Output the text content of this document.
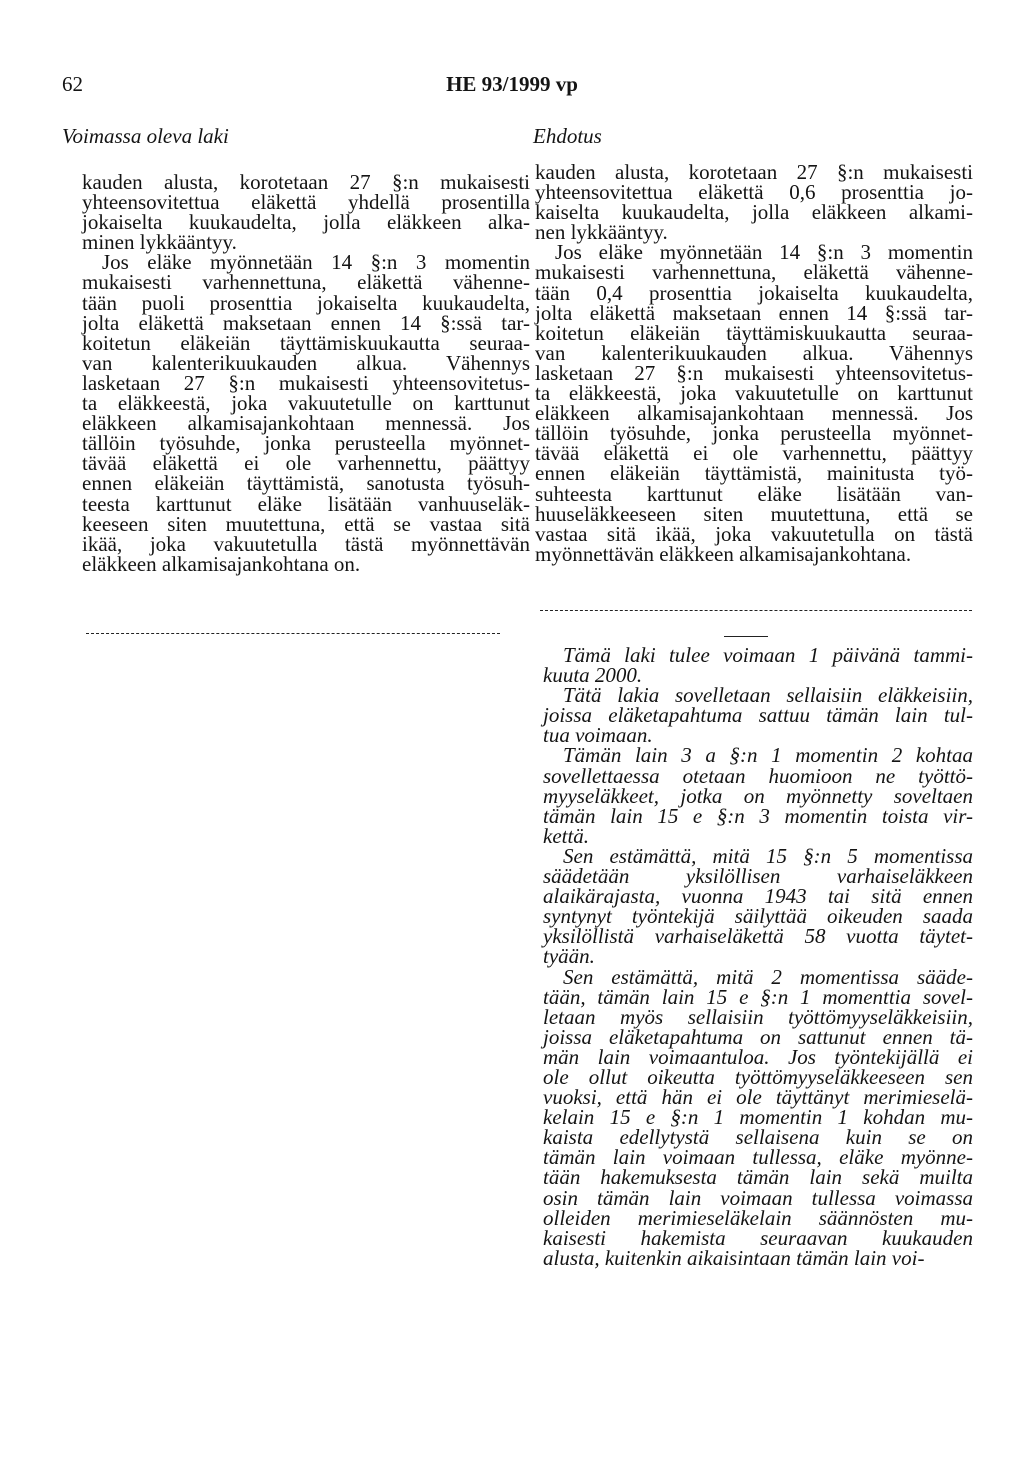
62	HE 93/1999 vp
Voimassa oleva laki	Ehdotus
kauden alusta, korotetaan 27 §:n mukaisesti
yhteensovitettua eläkettä yhdellä prosentilla
jokaiselta kuukaudelta, jolla eläkkeen alka-
minen lykkääntyy.
Jos eläke myönnetään 14 §:n 3 momentin
mukaisesti varhennettuna, eläkettä vähenne-
tään puoli prosenttia jokaiselta kuukaudelta,
jolta eläkettä maksetaan ennen 14 §:ssä tar-
koitetun eläkeiän täyttämiskuukautta seuraa-
van kalenterikuukauden alkua. Vähennys
lasketaan 27 §:n mukaisesti yhteensovitetus-
ta eläkkeestä, joka vakuutetulle on karttunut
eläkkeen alkamisajankohtaan mennessä. Jos
tällöin työsuhde, jonka perusteella myönnet-
tävää eläkettä ei ole varhennettu, päättyy
ennen eläkeiän täyttämistä, sanotusta työsuh-
teesta karttunut eläke lisätään vanhuuseläk-
keeseen siten muutettuna, että se vastaa sitä
ikää, joka vakuutetulla tästä myönnettävän
eläkkeen alkamisajankohtana on.
kauden alusta, korotetaan 27 §:n mukaisesti
yhteensovitettua eläkettä 0,6 prosenttia jo-
kaiselta kuukaudelta, jolla eläkkeen alkami-
nen lykkääntyy.
Jos eläke myönnetään 14 §:n 3 momentin
mukaisesti varhennettuna, eläkettä vähenne-
tään 0,4 prosenttia jokaiselta kuukaudelta,
jolta eläkettä maksetaan ennen 14 §:ssä tar-
koitetun eläkeiän täyttämiskuukautta seuraa-
van kalenterikuukauden alkua. Vähennys
lasketaan 27 §:n mukaisesti yhteensovitetus-
ta eläkkeestä, joka vakuutetulle on karttunut
eläkkeen alkamisajankohtaan mennessä. Jos
tällöin työsuhde, jonka perusteella myönnet-
tävää eläkettä ei ole varhennettu, päättyy
ennen eläkeiän täyttämistä, mainitusta työ-
suhteesta karttunut eläke lisätään van-
huuseläkkeeseen siten muutettuna, että se
vastaa sitä ikää, joka vakuutetulla on tästä
myönnettävän eläkkeen alkamisajankohtana.
Tämä laki tulee voimaan 1 päivänä tammi-
kuuta 2000.
Tätä lakia sovelletaan sellaisiin eläkkeisiin,
joissa eläketapahtuma sattuu tämän lain tul-
tua voimaan.
Tämän lain 3 a §:n 1 momentin 2 kohtaa
sovellettaessa otetaan huomioon ne työttö-
myyseläkkeet, jotka on myönnetty soveltaen
tämän lain 15 e §:n 3 momentin toista vir-
kettä.
Sen estämättä, mitä 15 §:n 5 momentissa
säädetään yksilöllisen varhaiseläkkeen
alaikärajasta, vuonna 1943 tai sitä ennen
syntynyt työntekijä säilyttää oikeuden saada
yksilöllistä varhaiseläkettä 58 vuotta täytet-
tyään.
Sen estämättä, mitä 2 momentissa sääde-
tään, tämän lain 15 e §:n 1 momenttia sovel-
letaan myös sellaisiin työttömyyseläkkeisiin,
joissa eläketapahtuma on sattunut ennen tä-
män lain voimaantuloa. Jos työntekijällä ei
ole ollut oikeutta työttömyyseläkkeeseen sen
vuoksi, että hän ei ole täyttänyt merimieselä-
kelain 15 e §:n 1 momentin 1 kohdan mu-
kaista edellytystä sellaisena kuin se on
tämän lain voimaan tullessa, eläke myönne-
tään hakemuksesta tämän lain sekä muilta
osin tämän lain voimaan tullessa voimassa
olleiden merimieseläkelain säännösten mu-
kaisesti hakemista seuraavan kuukauden
alusta, kuitenkin aikaisintaan tämän lain voi-
